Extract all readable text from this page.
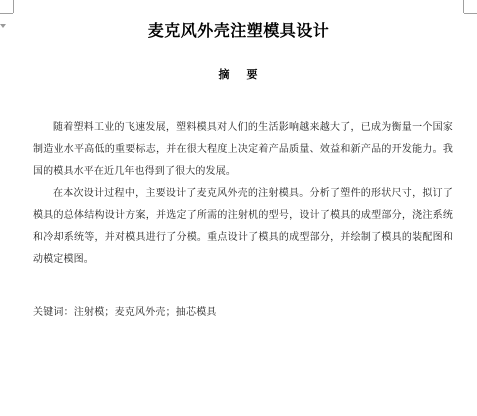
麦克风外壳注塑模具设计
摘 要

随着塑料工业的飞速发展，塑料模具对人们的生活影响越来越大了，已成为衡量一个国家制造业水平高低的重要标志，并在很大程度上决定着产品质量、效益和新产品的开发能力。我国的模具水平在近几年也得到了很大的发展。

在本次设计过程中，主要设计了麦克风外壳的注射模具。分析了塑件的形状尺寸，拟订了模具的总体结构设计方案，并选定了所需的注射机的型号，设计了模具的成型部分，浇注系统和冷却系统等，并对模具进行了分模。重点设计了模具的成型部分，并绘制了模具的装配图和动模定模图。

关键词：注射模；麦克风外壳；抽芯模具
